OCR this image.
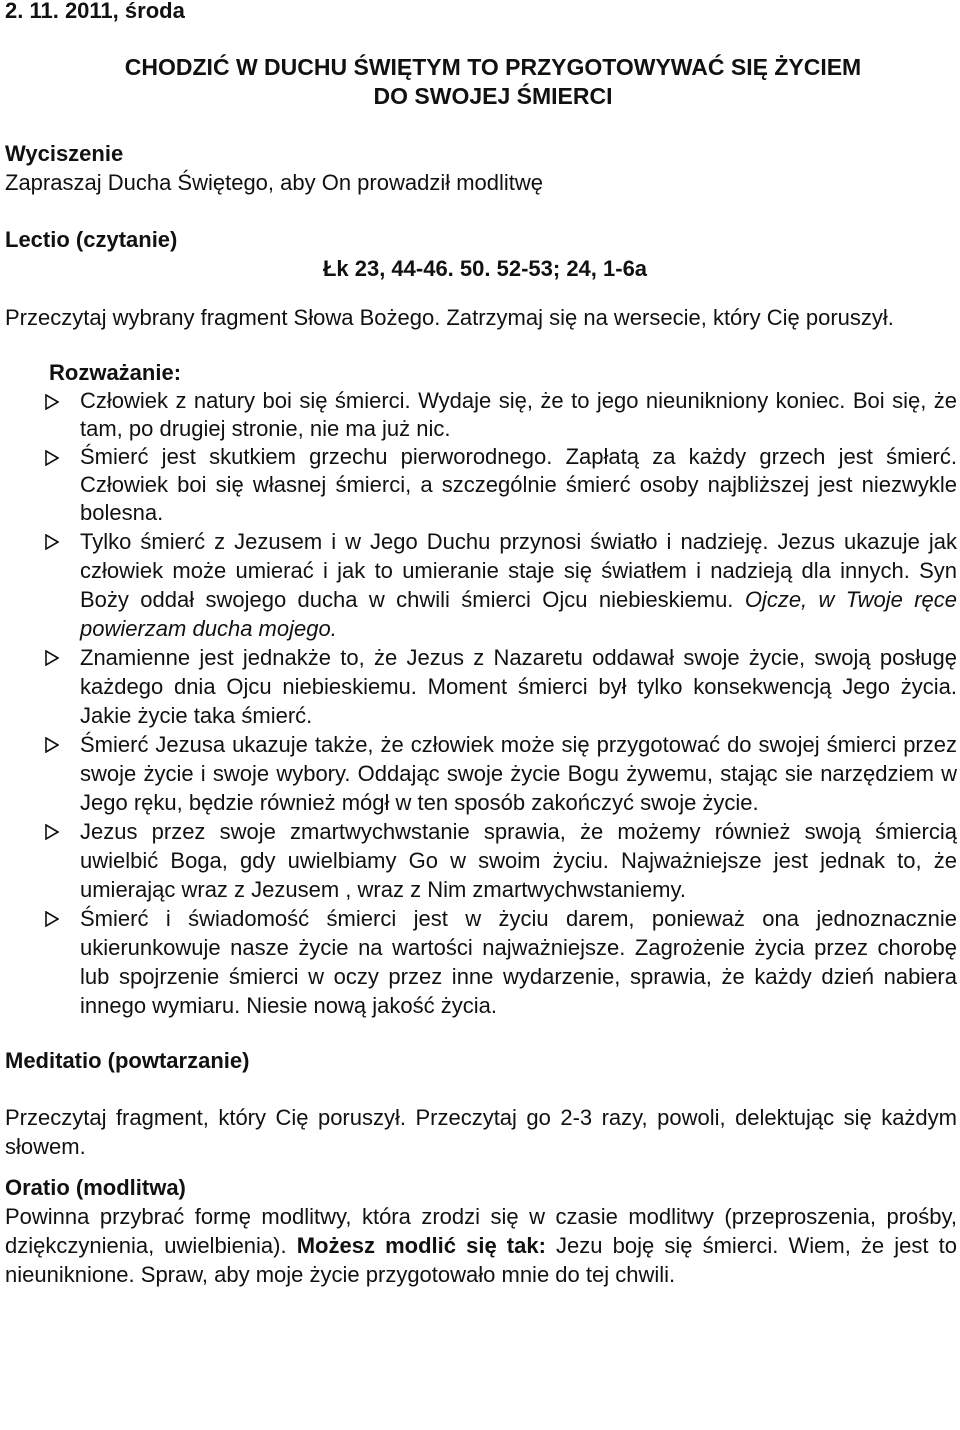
2. 11. 2011, środa

CHODZIĆ W DUCHU ŚWIĘTYM TO PRZYGOTOWYWAĆ SIĘ ŻYCIEM
DO SWOJEJ ŚMIERCI

Wyciszenie

Zapraszaj Ducha Świętego, aby On prowadził modlitwę

Lectio (czytanie)

Łk 23, 44-46. 50. 52-53; 24, 1-6a

Przeczytaj wybrany fragment Słowa Bożego. Zatrzymaj się na wersecie, który Cię poruszył.

Rozważanie:

Człowiek z natury boi się śmierci. Wydaje się, że to jego nieunikniony koniec. Boi się, że tam, po drugiej stronie, nie ma już nic.
Śmierć jest skutkiem grzechu pierworodnego. Zapłatą za każdy grzech jest śmierć. Człowiek boi się własnej śmierci, a szczególnie śmierć osoby najbliższej jest niezwykle bolesna.
Tylko śmierć z Jezusem i w Jego Duchu przynosi światło i nadzieję. Jezus ukazuje jak człowiek może umierać i jak to umieranie staje się światłem i nadzieją dla innych. Syn Boży oddał swojego ducha w chwili śmierci Ojcu niebieskiemu. Ojcze, w Twoje ręce powierzam ducha mojego.
Znamienne jest jednakże to, że Jezus z Nazaretu oddawał swoje życie, swoją posługę każdego dnia Ojcu niebieskiemu. Moment śmierci był tylko konsekwencją Jego życia. Jakie życie taka śmierć.
Śmierć Jezusa ukazuje także, że człowiek może się przygotować do swojej śmierci przez swoje życie i swoje wybory. Oddając swoje życie Bogu żywemu, stając sie narzędziem w Jego ręku, będzie również mógł w ten sposób zakończyć swoje życie.
Jezus przez swoje zmartwychwstanie sprawia, że możemy również swoją śmiercią uwielbić Boga, gdy uwielbiamy Go w swoim życiu. Najważniejsze jest jednak to, że umierając wraz z Jezusem , wraz z Nim zmartwychwstaniemy.
Śmierć i świadomość śmierci jest w życiu darem, ponieważ ona jednoznacznie ukierunkowuje nasze życie na wartości najważniejsze. Zagrożenie życia przez chorobę lub spojrzenie śmierci w oczy przez inne wydarzenie, sprawia, że każdy dzień nabiera innego wymiaru. Niesie nową jakość życia.

Meditatio (powtarzanie)

Przeczytaj fragment, który Cię poruszył. Przeczytaj go 2-3 razy, powoli, delektując się każdym słowem.

Oratio (modlitwa)

Powinna przybrać formę modlitwy, która zrodzi się w czasie modlitwy (przeproszenia, prośby, dziękczynienia, uwielbienia). Możesz modlić się tak: Jezu boję się śmierci. Wiem, że jest to nieuniknione. Spraw, aby moje życie przygotowało mnie do tej chwili.
